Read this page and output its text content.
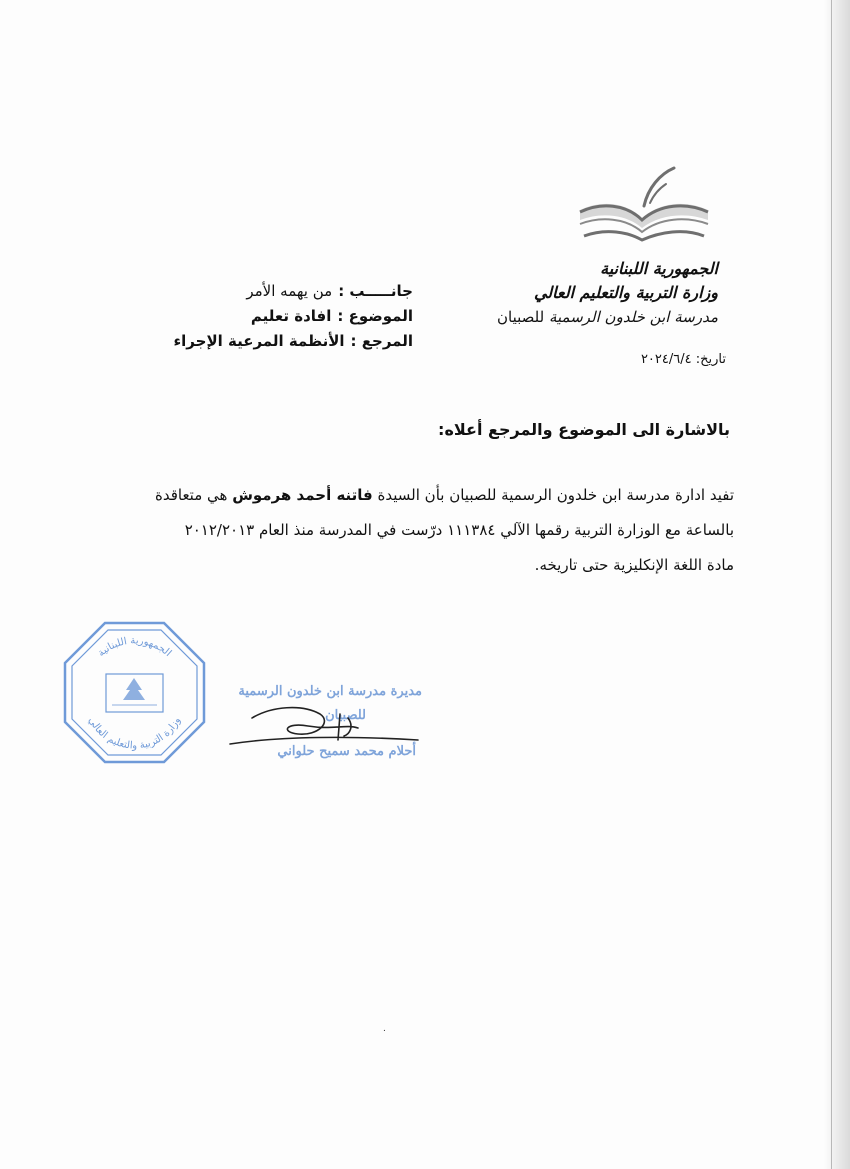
الجمهورية اللبنانية
وزارة التربية والتعليم العالي
مدرسة ابن خلدون الرسمية للصبيان
جانـــــب :
من يهمه الأمر
الموضوع :
افادة تعليم
المرجع :
الأنظمة المرعية الإجراء
تاريخ: ٢٠٢٤/٦/٤
بالاشارة الى الموضوع والمرجع أعلاه:
تفيد ادارة مدرسة ابن خلدون الرسمية للصبيان بأن السيدة فاتنه أحمد هرموش هي متعاقدة
بالساعة مع الوزارة التربية رقمها الآلي ١١١٣٨٤ درّست في المدرسة منذ العام ٢٠١٢/٢٠١٣
مادة اللغة الإنكليزية حتى تاريخه.
الجمهورية اللبنانية
وزارة التربية والتعليم العالي
مديرة مدرسة ابن خلدون الرسمية
للصبيان
أحلام محمد سميح حلواني
٠
